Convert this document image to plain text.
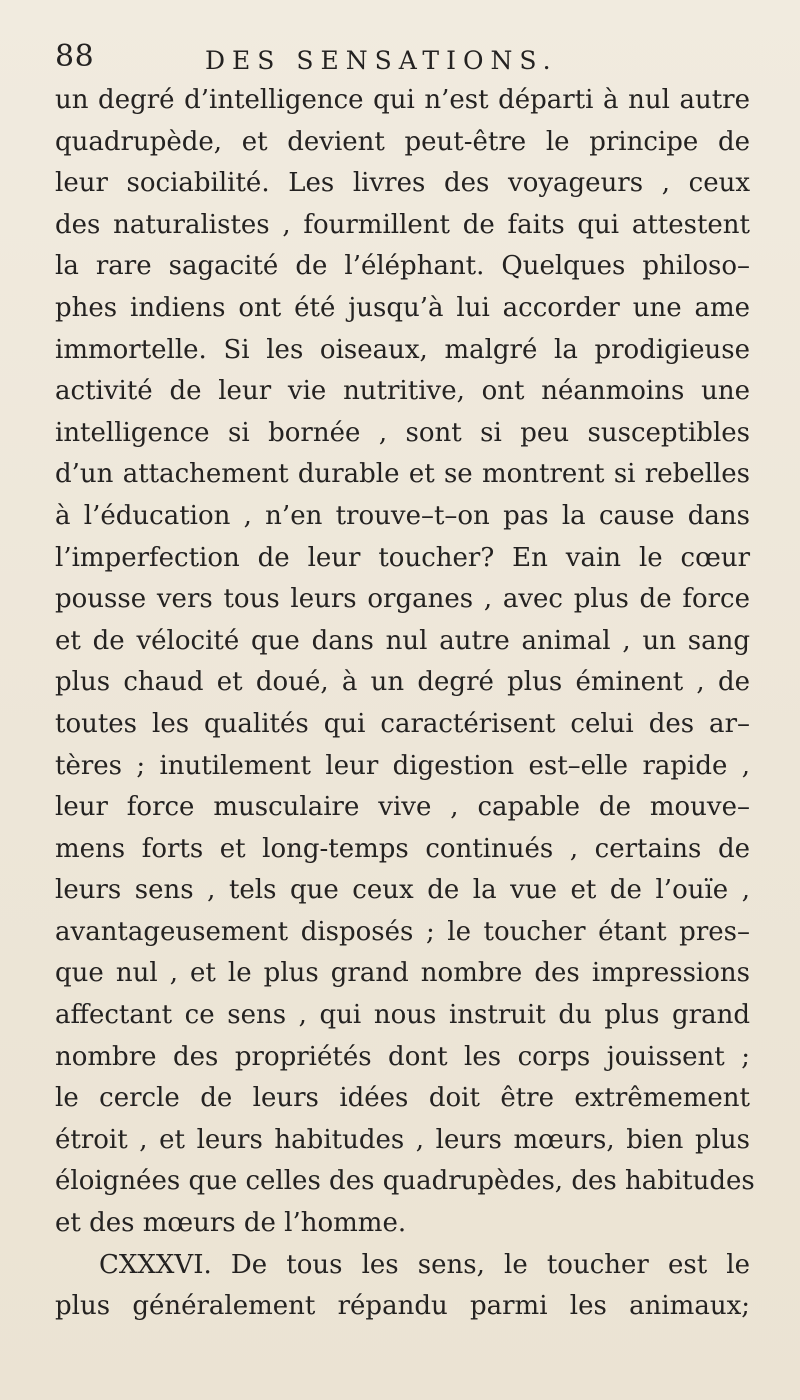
88	DES SENSATIONS.
un degré d’intelligence qui n’est départi à nul autre
quadrupède, et devient peut-être le principe de
leur sociabilité. Les livres des voyageurs , ceux
des naturalistes , fourmillent de faits qui attestent
la rare sagacité de l’éléphant. Quelques philoso–
phes indiens ont été jusqu’à lui accorder une ame
immortelle. Si les oiseaux, malgré la prodigieuse
activité de leur vie nutritive, ont néanmoins une
intelligence si bornée , sont si peu susceptibles
d’un attachement durable et se montrent si rebelles
à l’éducation , n’en trouve–t–on pas la cause dans
l’imperfection de leur toucher? En vain le cœur
pousse vers tous leurs organes , avec plus de force
et de vélocité que dans nul autre animal , un sang
plus chaud et doué, à un degré plus éminent , de
toutes les qualités qui caractérisent celui des ar–
tères ; inutilement leur digestion est–elle rapide ,
leur force musculaire vive , capable de mouve–
mens forts et long-temps continués , certains de
leurs sens , tels que ceux de la vue et de l’ouïe ,
avantageusement disposés ; le toucher étant pres–
que nul , et le plus grand nombre des impressions
affectant ce sens , qui nous instruit du plus grand
nombre des propriétés dont les corps jouissent ;
le cercle de leurs idées doit être extrêmement
étroit , et leurs habitudes , leurs mœurs, bien plus
éloignées que celles des quadrupèdes, des habitudes
et des mœurs de l’homme.
CXXXVI. De tous les sens, le toucher est le
plus généralement répandu parmi les animaux;
